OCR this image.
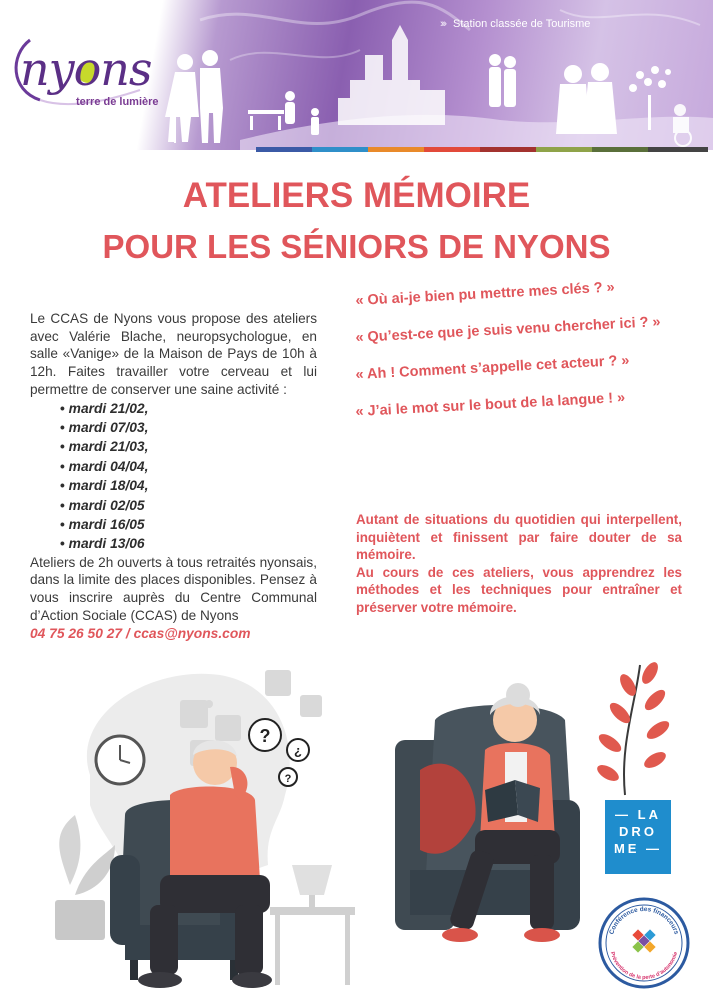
nyons
terre de lumière
››› Station classée de Tourisme
ATELIERS MÉMOIRE
POUR LES SÉNIORS DE NYONS

Le CCAS de Nyons vous propose des ateliers avec Valérie Blache, neuropsychologue, en salle «Vanige» de la Maison de Pays de 10h à 12h. Faites travailler votre cerveau et lui permettre de conserver une saine activité :

• mardi 21/02,
• mardi 07/03,
• mardi 21/03,
• mardi 04/04,
• mardi 18/04,
• mardi 02/05
• mardi 16/05
• mardi 13/06

Ateliers de 2h ouverts à tous retraités nyonsais, dans la limite des places disponibles. Pensez à vous inscrire auprès du Centre Communal d’Action Sociale (CCAS) de Nyons

04 75 26 50 27 / ccas@nyons.com

« Où ai-je bien pu mettre mes clés ? »
« Qu’est-ce que je suis venu chercher ici ? »
« Ah ! Comment s’appelle cet acteur ? »
« J’ai le mot sur le bout de la langue ! »

Autant de situations du quotidien qui interpellent, inquiètent et finissent par faire douter de sa mémoire.

Au cours de ces ateliers, vous apprendrez les méthodes et les techniques pour entraîner et préserver votre mémoire.

?
¿
?
— LA
DRO
ME —
Conférence des financeurs
Prévention de la perte d’autonomie
